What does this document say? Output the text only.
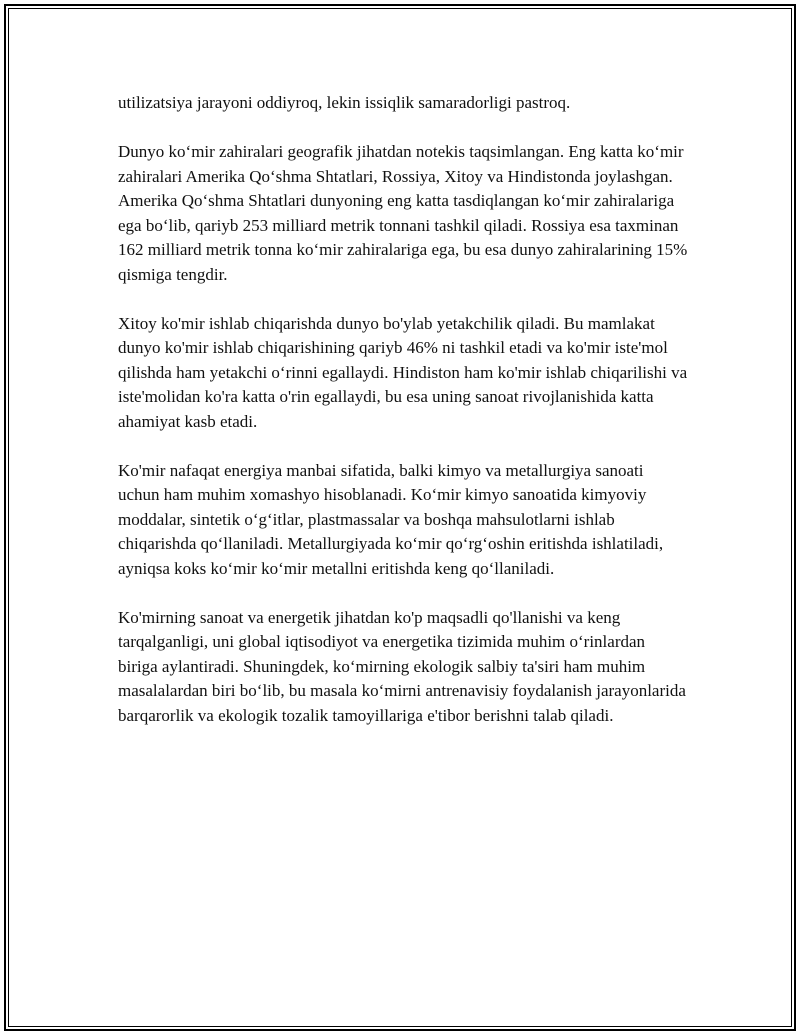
utilizatsiya jarayoni oddiyroq, lekin issiqlik samaradorligi pastroq.

Dunyo ko‘mir zahiralari geografik jihatdan notekis taqsimlangan. Eng katta ko‘mir zahiralari Amerika Qo‘shma Shtatlari, Rossiya, Xitoy va Hindistonda joylashgan. Amerika Qo‘shma Shtatlari dunyoning eng katta tasdiqlangan ko‘mir zahiralariga ega bo‘lib, qariyb 253 milliard metrik tonnani tashkil qiladi. Rossiya esa taxminan 162 milliard metrik tonna ko‘mir zahiralariga ega, bu esa dunyo zahiralarining 15% qismiga tengdir.

Xitoy ko'mir ishlab chiqarishda dunyo bo'ylab yetakchilik qiladi. Bu mamlakat dunyo ko'mir ishlab chiqarishining qariyb 46% ni tashkil etadi va ko'mir iste'mol qilishda ham yetakchi o‘rinni egallaydi. Hindiston ham ko'mir ishlab chiqarilishi va iste'molidan ko'ra katta o'rin egallaydi, bu esa uning sanoat rivojlanishida katta ahamiyat kasb etadi.

Ko'mir nafaqat energiya manbai sifatida, balki kimyo va metallurgiya sanoati uchun ham muhim xomashyo hisoblanadi. Ko‘mir kimyo sanoatida kimyoviy moddalar, sintetik o‘g‘itlar, plastmassalar va boshqa mahsulotlarni ishlab chiqarishda qo‘llaniladi. Metallurgiyada ko‘mir qo‘rg‘oshin eritishda ishlatiladi, ayniqsa koks ko‘mir ko‘mir metallni eritishda keng qo‘llaniladi.

Ko'mirning sanoat va energetik jihatdan ko'p maqsadli qo'llanishi va keng tarqalganligi, uni global iqtisodiyot va energetika tizimida muhim o‘rinlardan biriga aylantiradi. Shuningdek, ko‘mirning ekologik salbiy ta'siri ham muhim masalalardan biri bo‘lib, bu masala ko‘mirni antrenavisiy foydalanish jarayonlarida barqarorlik va ekologik tozalik tamoyillariga e'tibor berishni talab qiladi.
